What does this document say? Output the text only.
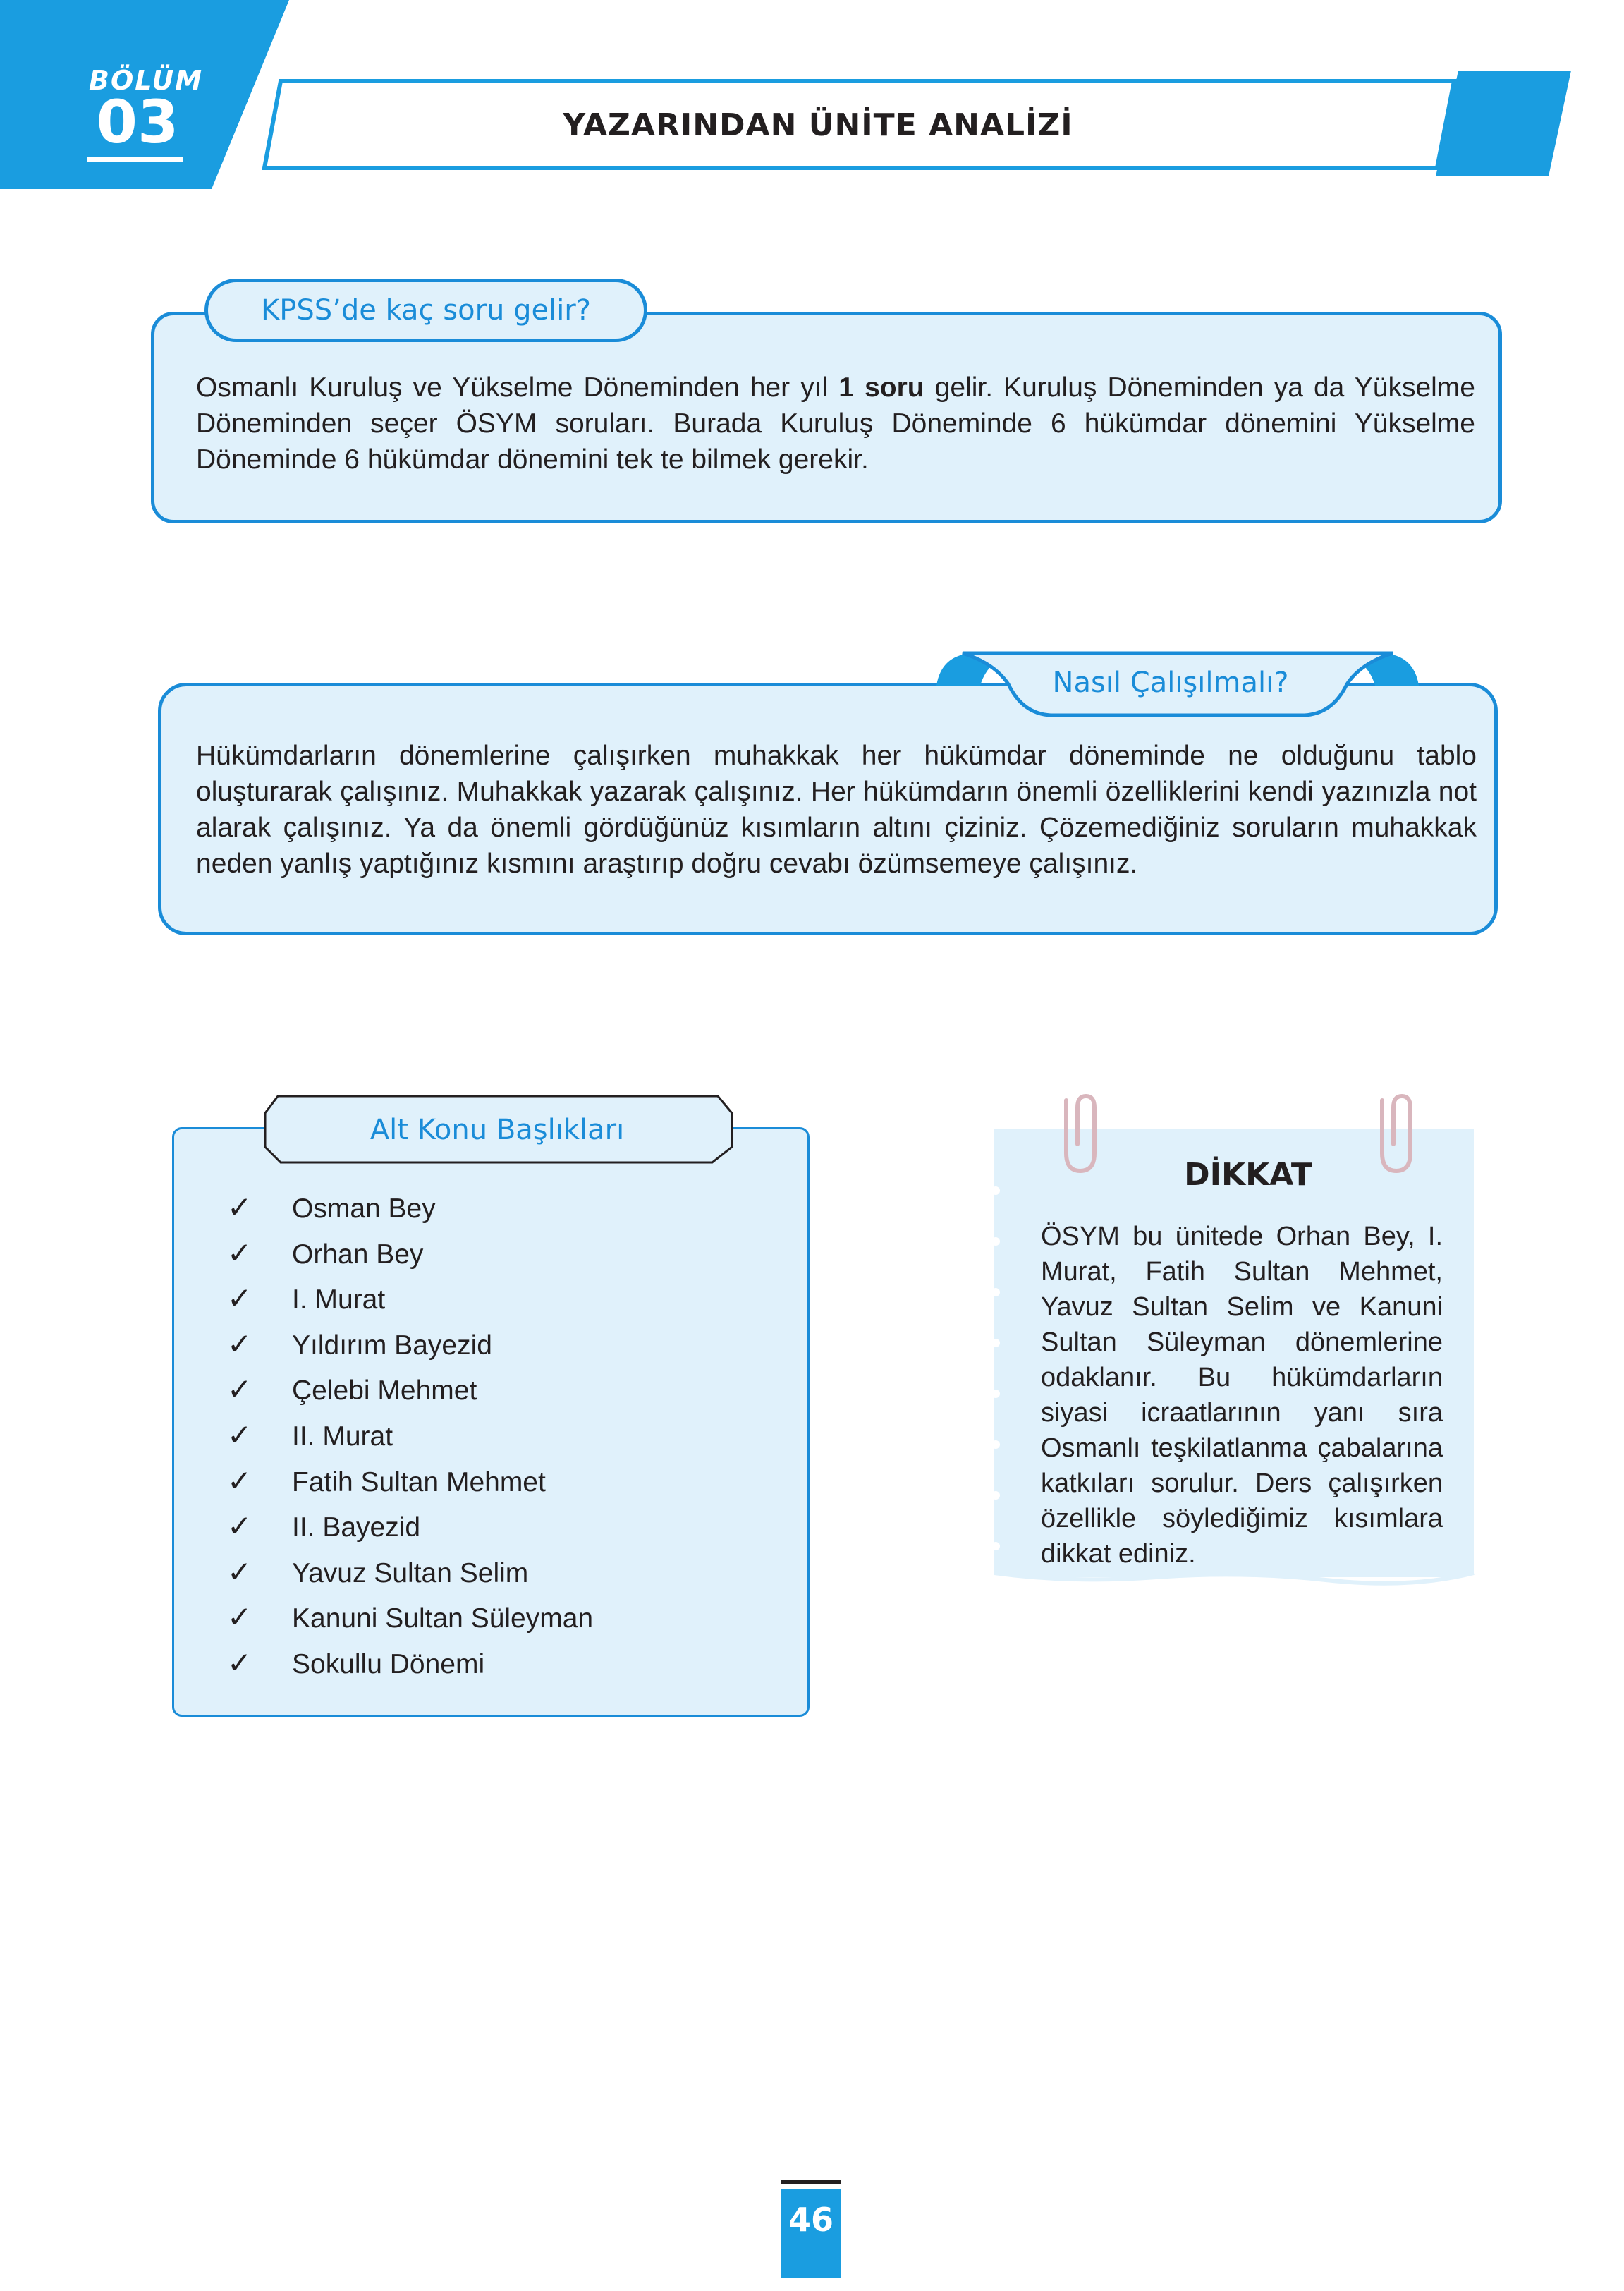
BÖLÜM
03	YAZARINDAN ÜNİTE ANALİZİ
KPSS’de kaç soru gelir?
Osmanlı Kuruluş ve Yükselme Döneminden her yıl 1 soru gelir. Kuruluş Döneminden ya da Yükselme Döneminden seçer ÖSYM soruları. Burada Kuruluş Döneminde 6 hükümdar dönemini Yükselme Döneminde 6 hükümdar dönemini tek te bilmek gerekir.
Nasıl Çalışılmalı?
Hükümdarların dönemlerine çalışırken muhakkak her hükümdar döneminde ne olduğunu tablo oluşturarak çalışınız. Muhakkak yazarak çalışınız. Her hükümdarın önemli özelliklerini kendi yazınızla not alarak çalışınız. Ya da önemli gördüğünüz kısımların altını çiziniz. Çözemediğiniz soruların muhakkak neden yanlış yaptığınız kısmını araştırıp doğru cevabı özümsemeye çalışınız.
Alt Konu Başlıkları
✓ Osman Bey
✓ Orhan Bey
✓ I. Murat
✓ Yıldırım Bayezid
✓ Çelebi Mehmet
✓ II. Murat
✓ Fatih Sultan Mehmet
✓ II. Bayezid
✓ Yavuz Sultan Selim
✓ Kanuni Sultan Süleyman
✓ Sokullu Dönemi
DİKKAT
ÖSYM bu ünitede Orhan Bey, I. Murat, Fatih Sultan Mehmet, Yavuz Sultan Selim ve Kanuni Sultan Süleyman dönemlerine odaklanır. Bu hükümdarların siyasi icraatlarının yanı sıra Osmanlı teşkilatlanma çabalarına katkıları sorulur. Ders çalışırken özellikle söylediğimiz kısımlara dikkat ediniz.
46
